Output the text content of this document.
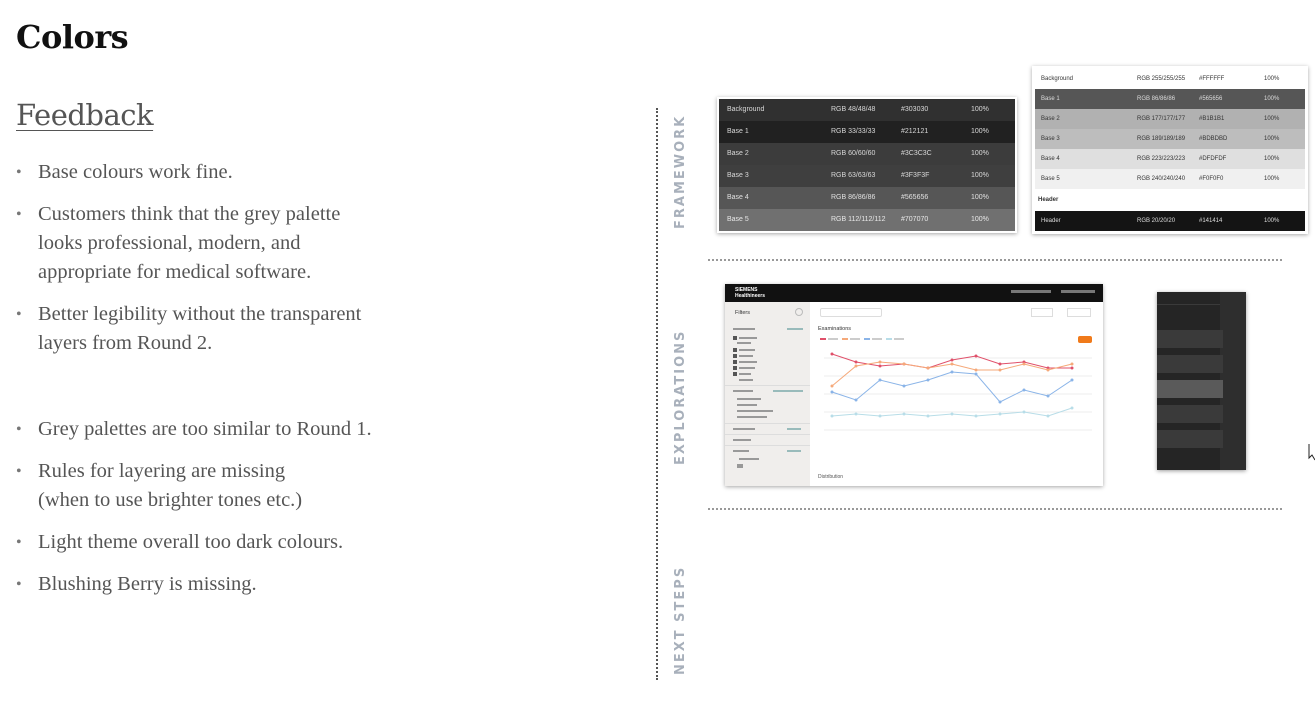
Colors
Feedback
• Base colours work fine.
• Customers think that the grey palette
looks professional, modern, and
appropriate for medical software.
• Better legibility without the transparent
layers from Round 2.
• Grey palettes are too similar to Round 1.
• Rules for layering are missing
(when to use brighter tones etc.)
• Light theme overall too dark colours.
• Blushing Berry is missing.
FRAMEWORK
EXPLORATIONS
NEXT STEPS
Background	RGB 48/48/48	#303030	100%
Base 1	RGB 33/33/33	#212121	100%
Base 2	RGB 60/60/60	#3C3C3C	100%
Base 3	RGB 63/63/63	#3F3F3F	100%
Base 4	RGB 86/86/86	#565656	100%
Base 5	RGB 112/112/112 #707070	100%
Background	RGB 255/255/255 #FFFFFF	100%
Base 1	RGB 86/86/86	#565656	100%
Base 2	RGB 177/177/177 #B1B1B1	100%
Base 3	RGB 189/189/189 #BDBDBD	100%
Base 4	RGB 223/223/223 #DFDFDF	100%
Base 5	RGB 240/240/240 #F0F0F0	100%
Header
Header	RGB 20/20/20	#141414	100%
SIEMENS
Healthineers
Filters
Examinations
Distribution
